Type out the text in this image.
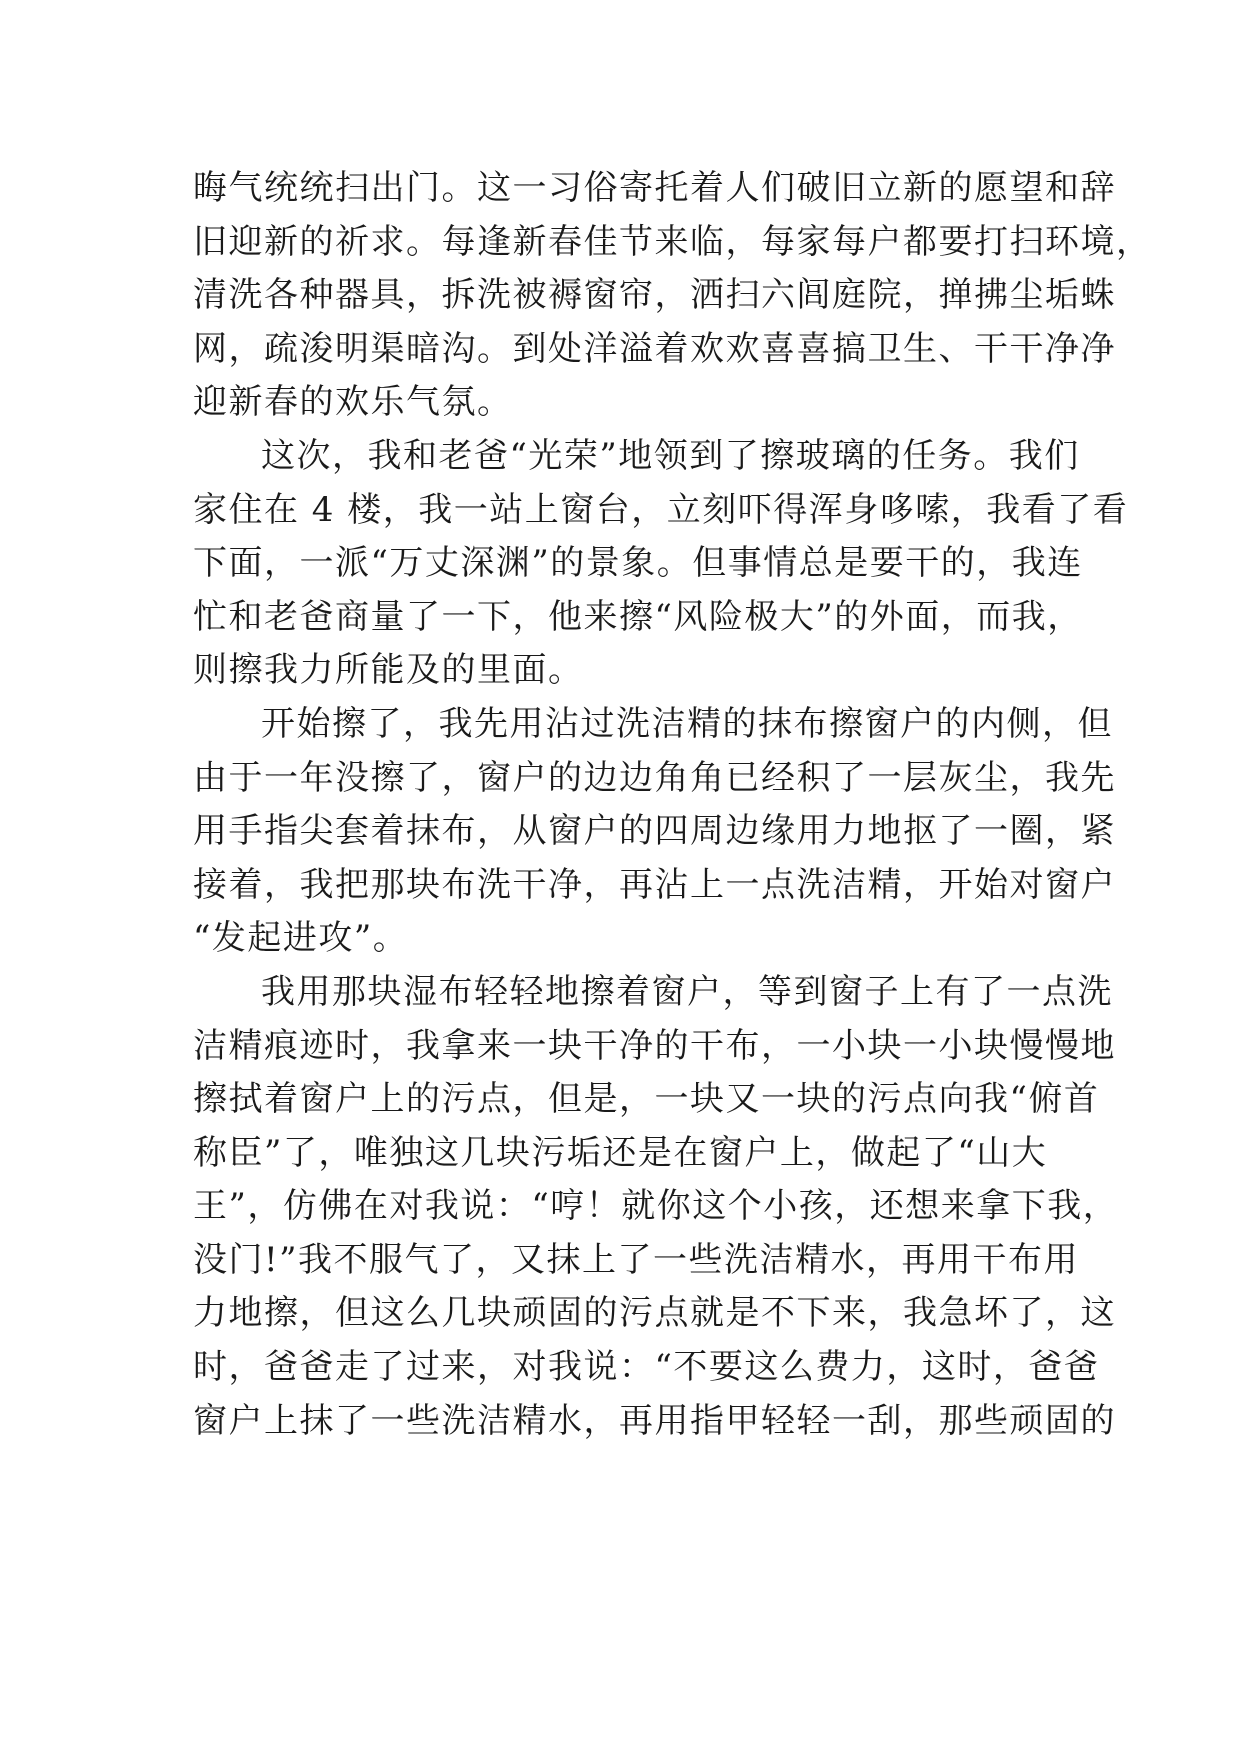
晦气统统扫出门。这一习俗寄托着人们破旧立新的愿望和辞
旧迎新的祈求。每逢新春佳节来临，每家每户都要打扫环境，
清洗各种器具，拆洗被褥窗帘，洒扫六闾庭院，掸拂尘垢蛛
网，疏浚明渠暗沟。到处洋溢着欢欢喜喜搞卫生、干干净净
迎新春的欢乐气氛。
这次，我和老爸“光荣”地领到了擦玻璃的任务。我们
家住在 4 楼，我一站上窗台，立刻吓得浑身哆嗦，我看了看
下面，一派“万丈深渊”的景象。但事情总是要干的，我连
忙和老爸商量了一下，他来擦“风险极大”的外面，而我，
则擦我力所能及的里面。
开始擦了，我先用沾过洗洁精的抹布擦窗户的内侧，但
由于一年没擦了，窗户的边边角角已经积了一层灰尘，我先
用手指尖套着抹布，从窗户的四周边缘用力地抠了一圈，紧
接着，我把那块布洗干净，再沾上一点洗洁精，开始对窗户
“发起进攻”。
我用那块湿布轻轻地擦着窗户，等到窗子上有了一点洗
洁精痕迹时，我拿来一块干净的干布，一小块一小块慢慢地
擦拭着窗户上的污点，但是，一块又一块的污点向我“俯首
称臣”了，唯独这几块污垢还是在窗户上，做起了“山大
王”，仿佛在对我说：“哼！就你这个小孩，还想来拿下我，
没门!”我不服气了，又抹上了一些洗洁精水，再用干布用
力地擦，但这么几块顽固的污点就是不下来，我急坏了，这
时，爸爸走了过来，对我说：“不要这么费力，这时，爸爸
窗户上抹了一些洗洁精水，再用指甲轻轻一刮，那些顽固的
